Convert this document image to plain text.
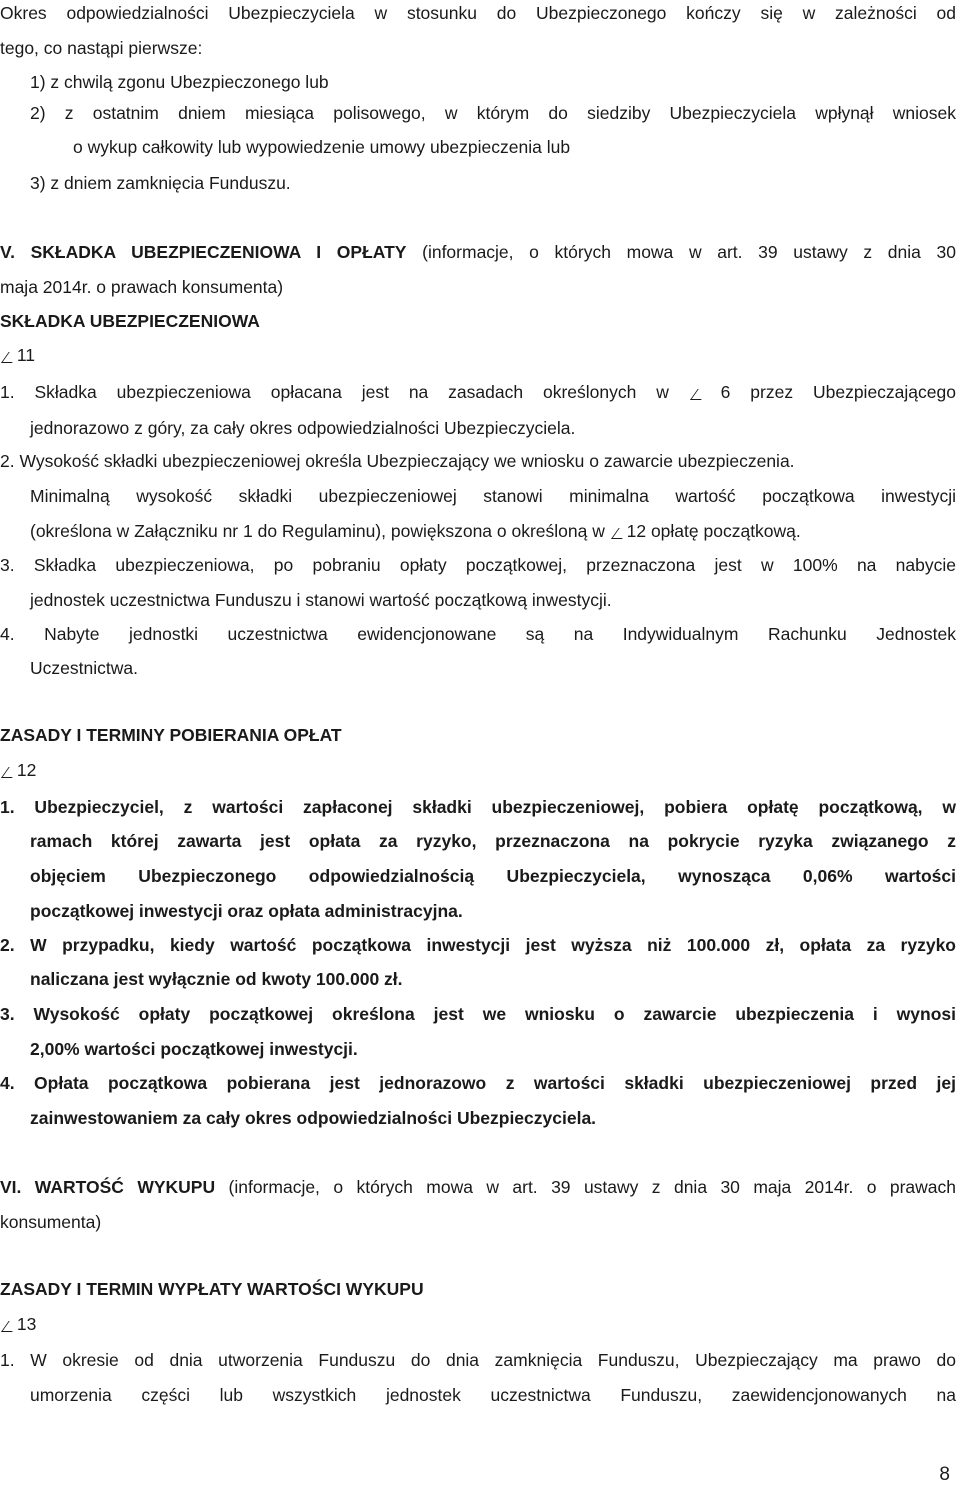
Okres odpowiedzialności Ubezpieczyciela w stosunku do Ubezpieczonego kończy się w zależności od

tego, co nastąpi pierwsze:

1) z chwilą zgonu Ubezpieczonego lub

2) z ostatnim dniem miesiąca polisowego, w którym do siedziby Ubezpieczyciela wpłynął wniosek

o wykup całkowity lub wypowiedzenie umowy ubezpieczenia lub

3) z dniem zamknięcia Funduszu.

V. SKŁADKA UBEZPIECZENIOWA I OPŁATY (informacje, o których mowa w art. 39 ustawy z dnia 30

maja 2014r. o prawach konsumenta)

SKŁADKA UBEZPIECZENIOWA

11

1. Składka ubezpieczeniowa opłacana jest na zasadach określonych w	6 przez Ubezpieczającego

jednorazowo z góry, za cały okres odpowiedzialności Ubezpieczyciela.

2. Wysokość składki ubezpieczeniowej określa Ubezpieczający we wniosku o zawarcie ubezpieczenia.

Minimalną wysokość składki ubezpieczeniowej stanowi minimalna wartość początkowa inwestycji

(określona w Załączniku nr 1 do Regulaminu), powiększona o określoną w 12 opłatę początkową.

3. Składka ubezpieczeniowa, po pobraniu opłaty początkowej, przeznaczona jest w 100% na nabycie

jednostek uczestnictwa Funduszu i stanowi wartość początkową inwestycji.

4. Nabyte jednostki uczestnictwa ewidencjonowane są na Indywidualnym Rachunku Jednostek

Uczestnictwa.

ZASADY I TERMINY POBIERANIA OPŁAT

12

1. Ubezpieczyciel, z wartości zapłaconej składki ubezpieczeniowej, pobiera opłatę początkową, w

ramach której zawarta jest opłata za ryzyko, przeznaczona na pokrycie ryzyka związanego z

objęciem Ubezpieczonego odpowiedzialnością Ubezpieczyciela, wynosząca 0,06% wartości

początkowej inwestycji oraz opłata administracyjna.

2. W przypadku, kiedy wartość początkowa inwestycji jest wyższa niż 100.000 zł, opłata za ryzyko

naliczana jest wyłącznie od kwoty 100.000 zł.

3. Wysokość opłaty początkowej określona jest we wniosku o zawarcie ubezpieczenia i wynosi

2,00% wartości początkowej inwestycji.

4. Opłata początkowa pobierana jest jednorazowo z wartości składki ubezpieczeniowej przed jej

zainwestowaniem za cały okres odpowiedzialności Ubezpieczyciela.

VI. WARTOŚĆ WYKUPU (informacje, o których mowa w art. 39 ustawy z dnia 30 maja 2014r. o prawach

konsumenta)

ZASADY I TERMIN WYPŁATY WARTOŚCI WYKUPU

13

1. W okresie od dnia utworzenia Funduszu do dnia zamknięcia Funduszu, Ubezpieczający ma prawo do

umorzenia części lub wszystkich jednostek uczestnictwa Funduszu, zaewidencjonowanych na

8
